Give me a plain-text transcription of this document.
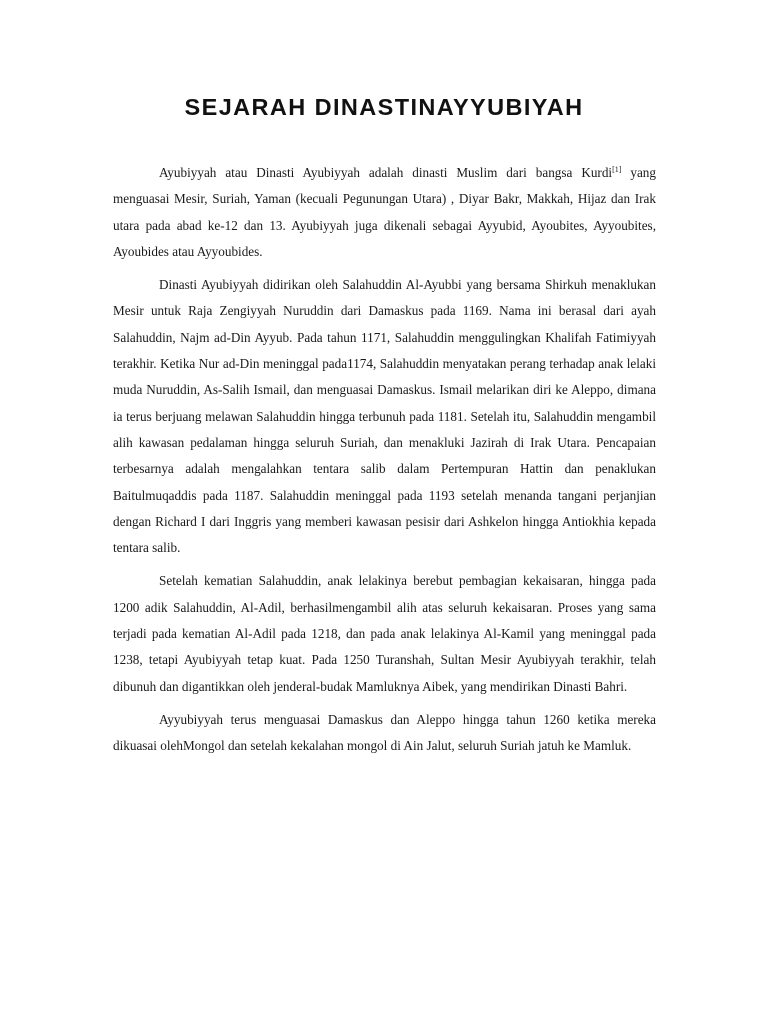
SEJARAH DINASTINAYYUBIYAH

Ayubiyyah atau Dinasti Ayubiyyah adalah dinasti Muslim dari bangsa Kurdi[1] yang menguasai Mesir, Suriah, Yaman (kecuali Pegunungan Utara) , Diyar Bakr, Makkah, Hijaz dan Irak utara pada abad ke-12 dan 13. Ayubiyyah juga dikenali sebagai Ayyubid, Ayoubites, Ayyoubites, Ayoubides atau Ayyoubides.

Dinasti Ayubiyyah didirikan oleh Salahuddin Al-Ayubbi yang bersama Shirkuh menaklukan Mesir untuk Raja Zengiyyah Nuruddin dari Damaskus pada 1169. Nama ini berasal dari ayah Salahuddin, Najm ad-Din Ayyub. Pada tahun 1171, Salahuddin menggulingkan Khalifah Fatimiyyah terakhir. Ketika Nur ad-Din meninggal pada1174, Salahuddin menyatakan perang terhadap anak lelaki muda Nuruddin, As-Salih Ismail, dan menguasai Damaskus. Ismail melarikan diri ke Aleppo, dimana ia terus berjuang melawan Salahuddin hingga terbunuh pada 1181. Setelah itu, Salahuddin mengambil alih kawasan pedalaman hingga seluruh Suriah, dan menakluki Jazirah di Irak Utara. Pencapaian terbesarnya adalah mengalahkan tentara salib dalam Pertempuran Hattin dan penaklukan Baitulmuqaddis pada 1187. Salahuddin meninggal pada 1193 setelah menanda tangani perjanjian dengan Richard I dari Inggris yang memberi kawasan pesisir dari Ashkelon hingga Antiokhia kepada tentara salib.

Setelah kematian Salahuddin, anak lelakinya berebut pembagian kekaisaran, hingga pada 1200 adik Salahuddin, Al-Adil, berhasilmengambil alih atas seluruh kekaisaran. Proses yang sama terjadi pada kematian Al-Adil pada 1218, dan pada anak lelakinya Al-Kamil yang meninggal pada 1238, tetapi Ayubiyyah tetap kuat. Pada 1250 Turanshah, Sultan Mesir Ayubiyyah terakhir, telah dibunuh dan digantikkan oleh jenderal-budak Mamluknya Aibek, yang mendirikan Dinasti Bahri.

Ayyubiyyah terus menguasai Damaskus dan Aleppo hingga tahun 1260 ketika mereka dikuasai olehMongol dan setelah kekalahan mongol di Ain Jalut, seluruh Suriah jatuh ke Mamluk.
